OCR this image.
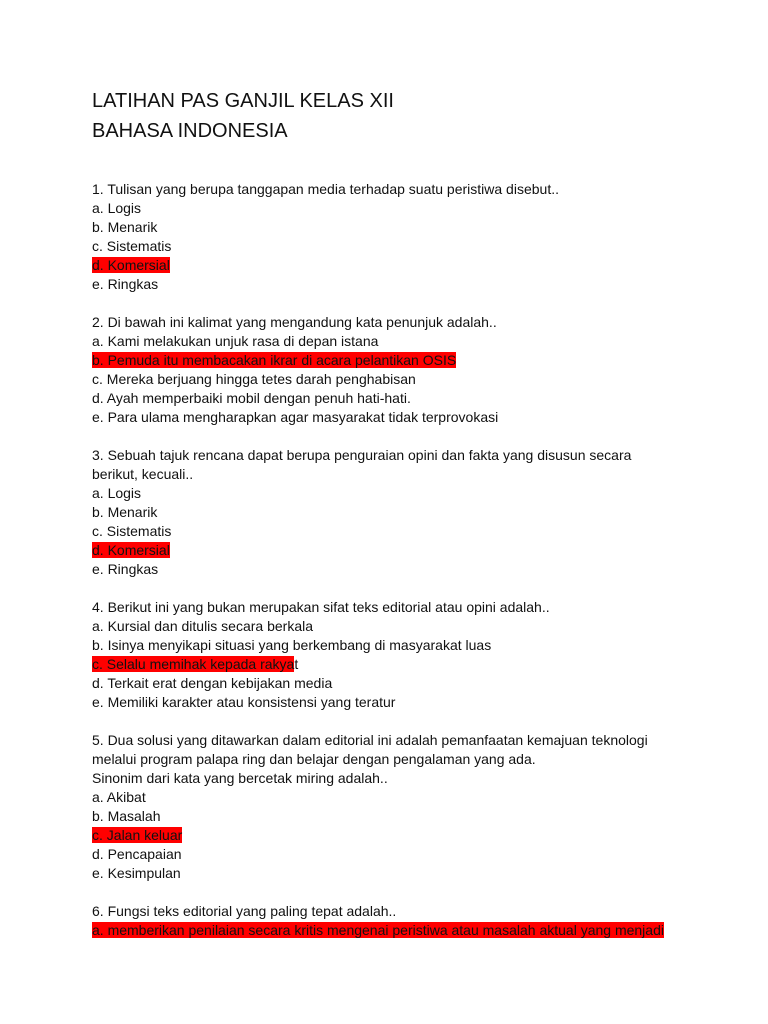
LATIHAN PAS GANJIL KELAS XII
BAHASA INDONESIA
1. Tulisan yang berupa tanggapan media terhadap suatu peristiwa disebut..
a. Logis
b. Menarik
c. Sistematis
d. Komersial
e. Ringkas
2. Di bawah ini kalimat yang mengandung kata penunjuk adalah..
a. Kami melakukan unjuk rasa di depan istana
b. Pemuda itu membacakan ikrar di acara pelantikan OSIS
c. Mereka berjuang hingga tetes darah penghabisan
d. Ayah memperbaiki mobil dengan penuh hati-hati.
e. Para ulama mengharapkan agar masyarakat tidak terprovokasi
3. Sebuah tajuk rencana dapat berupa penguraian opini dan fakta yang disusun secara
berikut, kecuali..
a. Logis
b. Menarik
c. Sistematis
d. Komersial
e. Ringkas
4. Berikut ini yang bukan merupakan sifat teks editorial atau opini adalah..
a. Kursial dan ditulis secara berkala
b. Isinya menyikapi situasi yang berkembang di masyarakat luas
c. Selalu memihak kepada rakyat
d. Terkait erat dengan kebijakan media
e. Memiliki karakter atau konsistensi yang teratur
5. Dua solusi yang ditawarkan dalam editorial ini adalah pemanfaatan kemajuan teknologi
melalui program palapa ring dan belajar dengan pengalaman yang ada.
Sinonim dari kata yang bercetak miring adalah..
a. Akibat
b. Masalah
c. Jalan keluar
d. Pencapaian
e. Kesimpulan
6. Fungsi teks editorial yang paling tepat adalah..
a. memberikan penilaian secara kritis mengenai peristiwa atau masalah aktual yang menjadi
